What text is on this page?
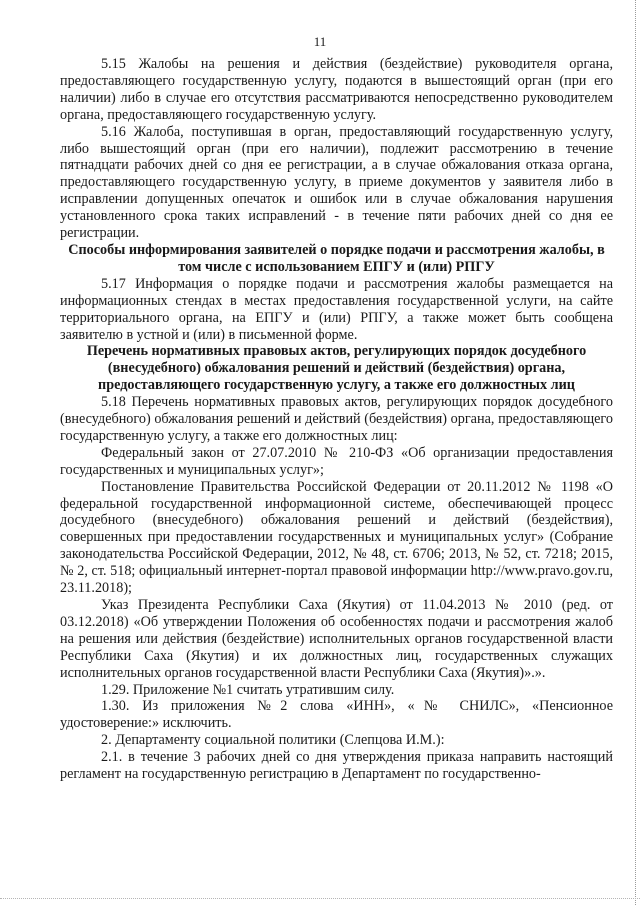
11

5.15 Жалобы на решения и действия (бездействие) руководителя органа, предоставляющего государственную услугу, подаются в вышестоящий орган (при его наличии) либо в случае его отсутствия рассматриваются непосредственно руководителем органа, предоставляющего государственную услугу.

5.16 Жалоба, поступившая в орган, предоставляющий государственную услугу, либо вышестоящий орган (при его наличии), подлежит рассмотрению в течение пятнадцати рабочих дней со дня ее регистрации, а в случае обжалования отказа органа, предоставляющего государственную услугу, в приеме документов у заявителя либо в исправлении допущенных опечаток и ошибок или в случае обжалования нарушения установленного срока таких исправлений - в течение пяти рабочих дней со дня ее регистрации.

Способы информирования заявителей о порядке подачи и рассмотрения жалобы, в том числе с использованием ЕПГУ и (или) РПГУ

5.17 Информация о порядке подачи и рассмотрения жалобы размещается на информационных стендах в местах предоставления государственной услуги, на сайте территориального органа, на ЕПГУ и (или) РПГУ, а также может быть сообщена заявителю в устной и (или) в письменной форме.

Перечень нормативных правовых актов, регулирующих порядок досудебного (внесудебного) обжалования решений и действий (бездействия) органа, предоставляющего государственную услугу, а также его должностных лиц

5.18 Перечень нормативных правовых актов, регулирующих порядок досудебного (внесудебного) обжалования решений и действий (бездействия) органа, предоставляющего государственную услугу, а также его должностных лиц:

Федеральный закон от 27.07.2010 № 210-ФЗ «Об организации предоставления государственных и муниципальных услуг»;

Постановление Правительства Российской Федерации от 20.11.2012 № 1198 «О федеральной государственной информационной системе, обеспечивающей процесс досудебного (внесудебного) обжалования решений и действий (бездействия), совершенных при предоставлении государственных и муниципальных услуг» (Собрание законодательства Российской Федерации, 2012, № 48, ст. 6706; 2013, № 52, ст. 7218; 2015, № 2, ст. 518; официальный интернет-портал правовой информации http://www.pravo.gov.ru, 23.11.2018);

Указ Президента Республики Саха (Якутия) от 11.04.2013 № 2010 (ред. от 03.12.2018) «Об утверждении Положения об особенностях подачи и рассмотрения жалоб на решения или действия (бездействие) исполнительных органов государственной власти Республики Саха (Якутия) и их должностных лиц, государственных служащих исполнительных органов государственной власти Республики Саха (Якутия)».».

1.29. Приложение №1 считать утратившим силу.

1.30. Из приложения №2 слова «ИНН», «№ СНИЛС», «Пенсионное удостоверение:» исключить.

2. Департаменту социальной политики (Слепцова И.М.):

2.1. в течение 3 рабочих дней со дня утверждения приказа направить настоящий регламент на государственную регистрацию в Департамент по государственно-
